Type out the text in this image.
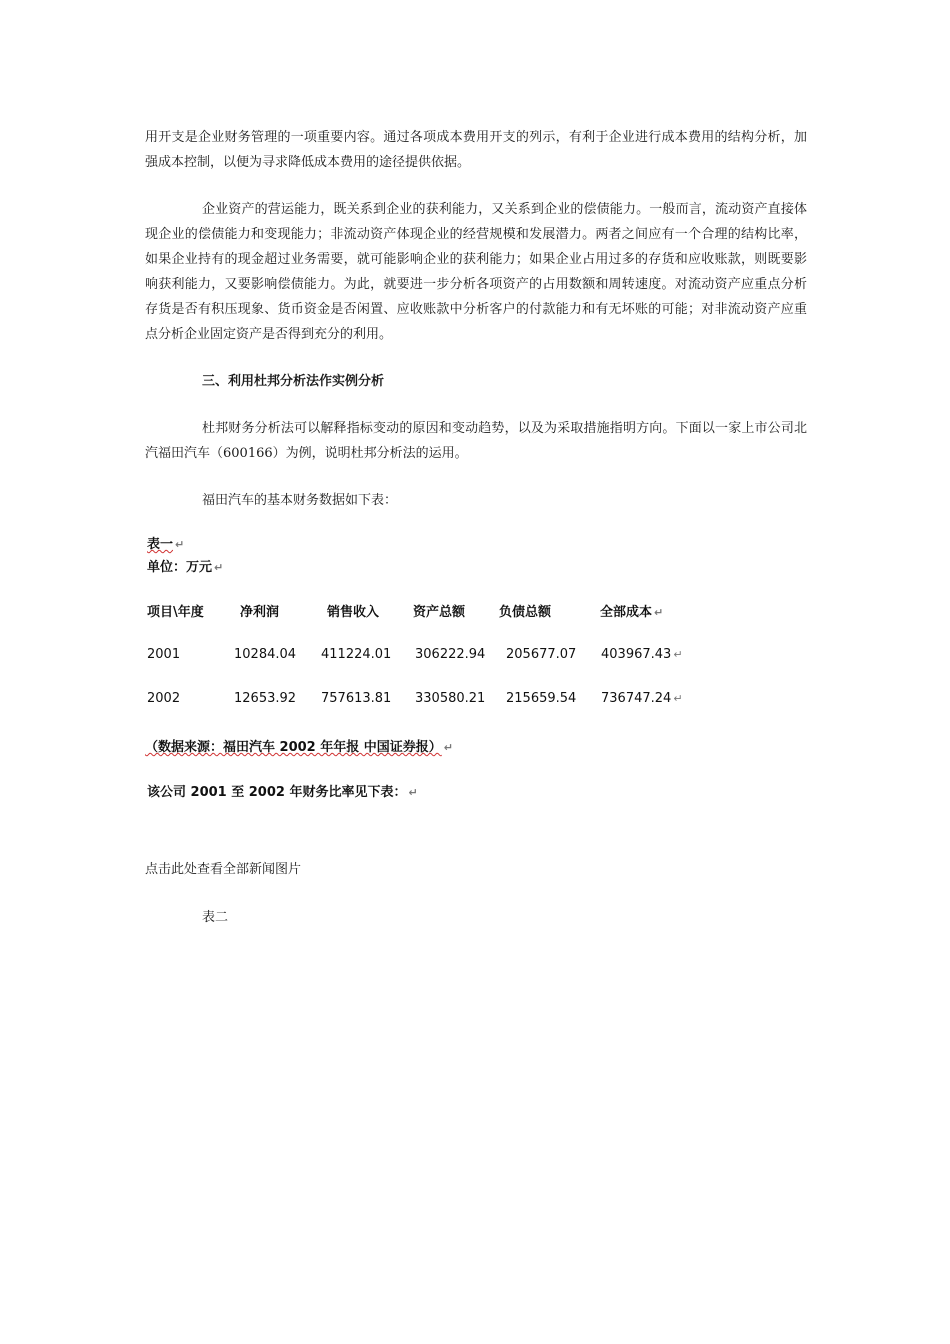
用开支是企业财务管理的一项重要内容。通过各项成本费用开支的列示，有利于企业进行成本费用的结构分析，加强成本控制，以便为寻求降低成本费用的途径提供依据。

企业资产的营运能力，既关系到企业的获利能力，又关系到企业的偿债能力。一般而言，流动资产直接体现企业的偿债能力和变现能力；非流动资产体现企业的经营规模和发展潜力。两者之间应有一个合理的结构比率，如果企业持有的现金超过业务需要，就可能影响企业的获利能力；如果企业占用过多的存货和应收账款，则既要影响获利能力，又要影响偿债能力。为此，就要进一步分析各项资产的占用数额和周转速度。对流动资产应重点分析存货是否有积压现象、货币资金是否闲置、应收账款中分析客户的付款能力和有无坏账的可能；对非流动资产应重点分析企业固定资产是否得到充分的利用。

三、利用杜邦分析法作实例分析

杜邦财务分析法可以解释指标变动的原因和变动趋势，以及为采取措施指明方向。下面以一家上市公司北汽福田汽车（600166）为例，说明杜邦分析法的运用。

福田汽车的基本财务数据如下表：

表一 ↵
单位：万元 ↵
项目\年度	净利润	销售收入	资产总额	负债总额	全部成本 ↵
2001	10284.04 411224.01 306222.94 205677.07 403967.43 ↵
2002	12653.92 757613.81 330580.21 215659.54 736747.24 ↵
（数据来源：福田汽车 2002 年年报 中国证券报） ↵
该公司 2001 至 2002 年财务比率见下表： ↵

点击此处查看全部新闻图片

表二
